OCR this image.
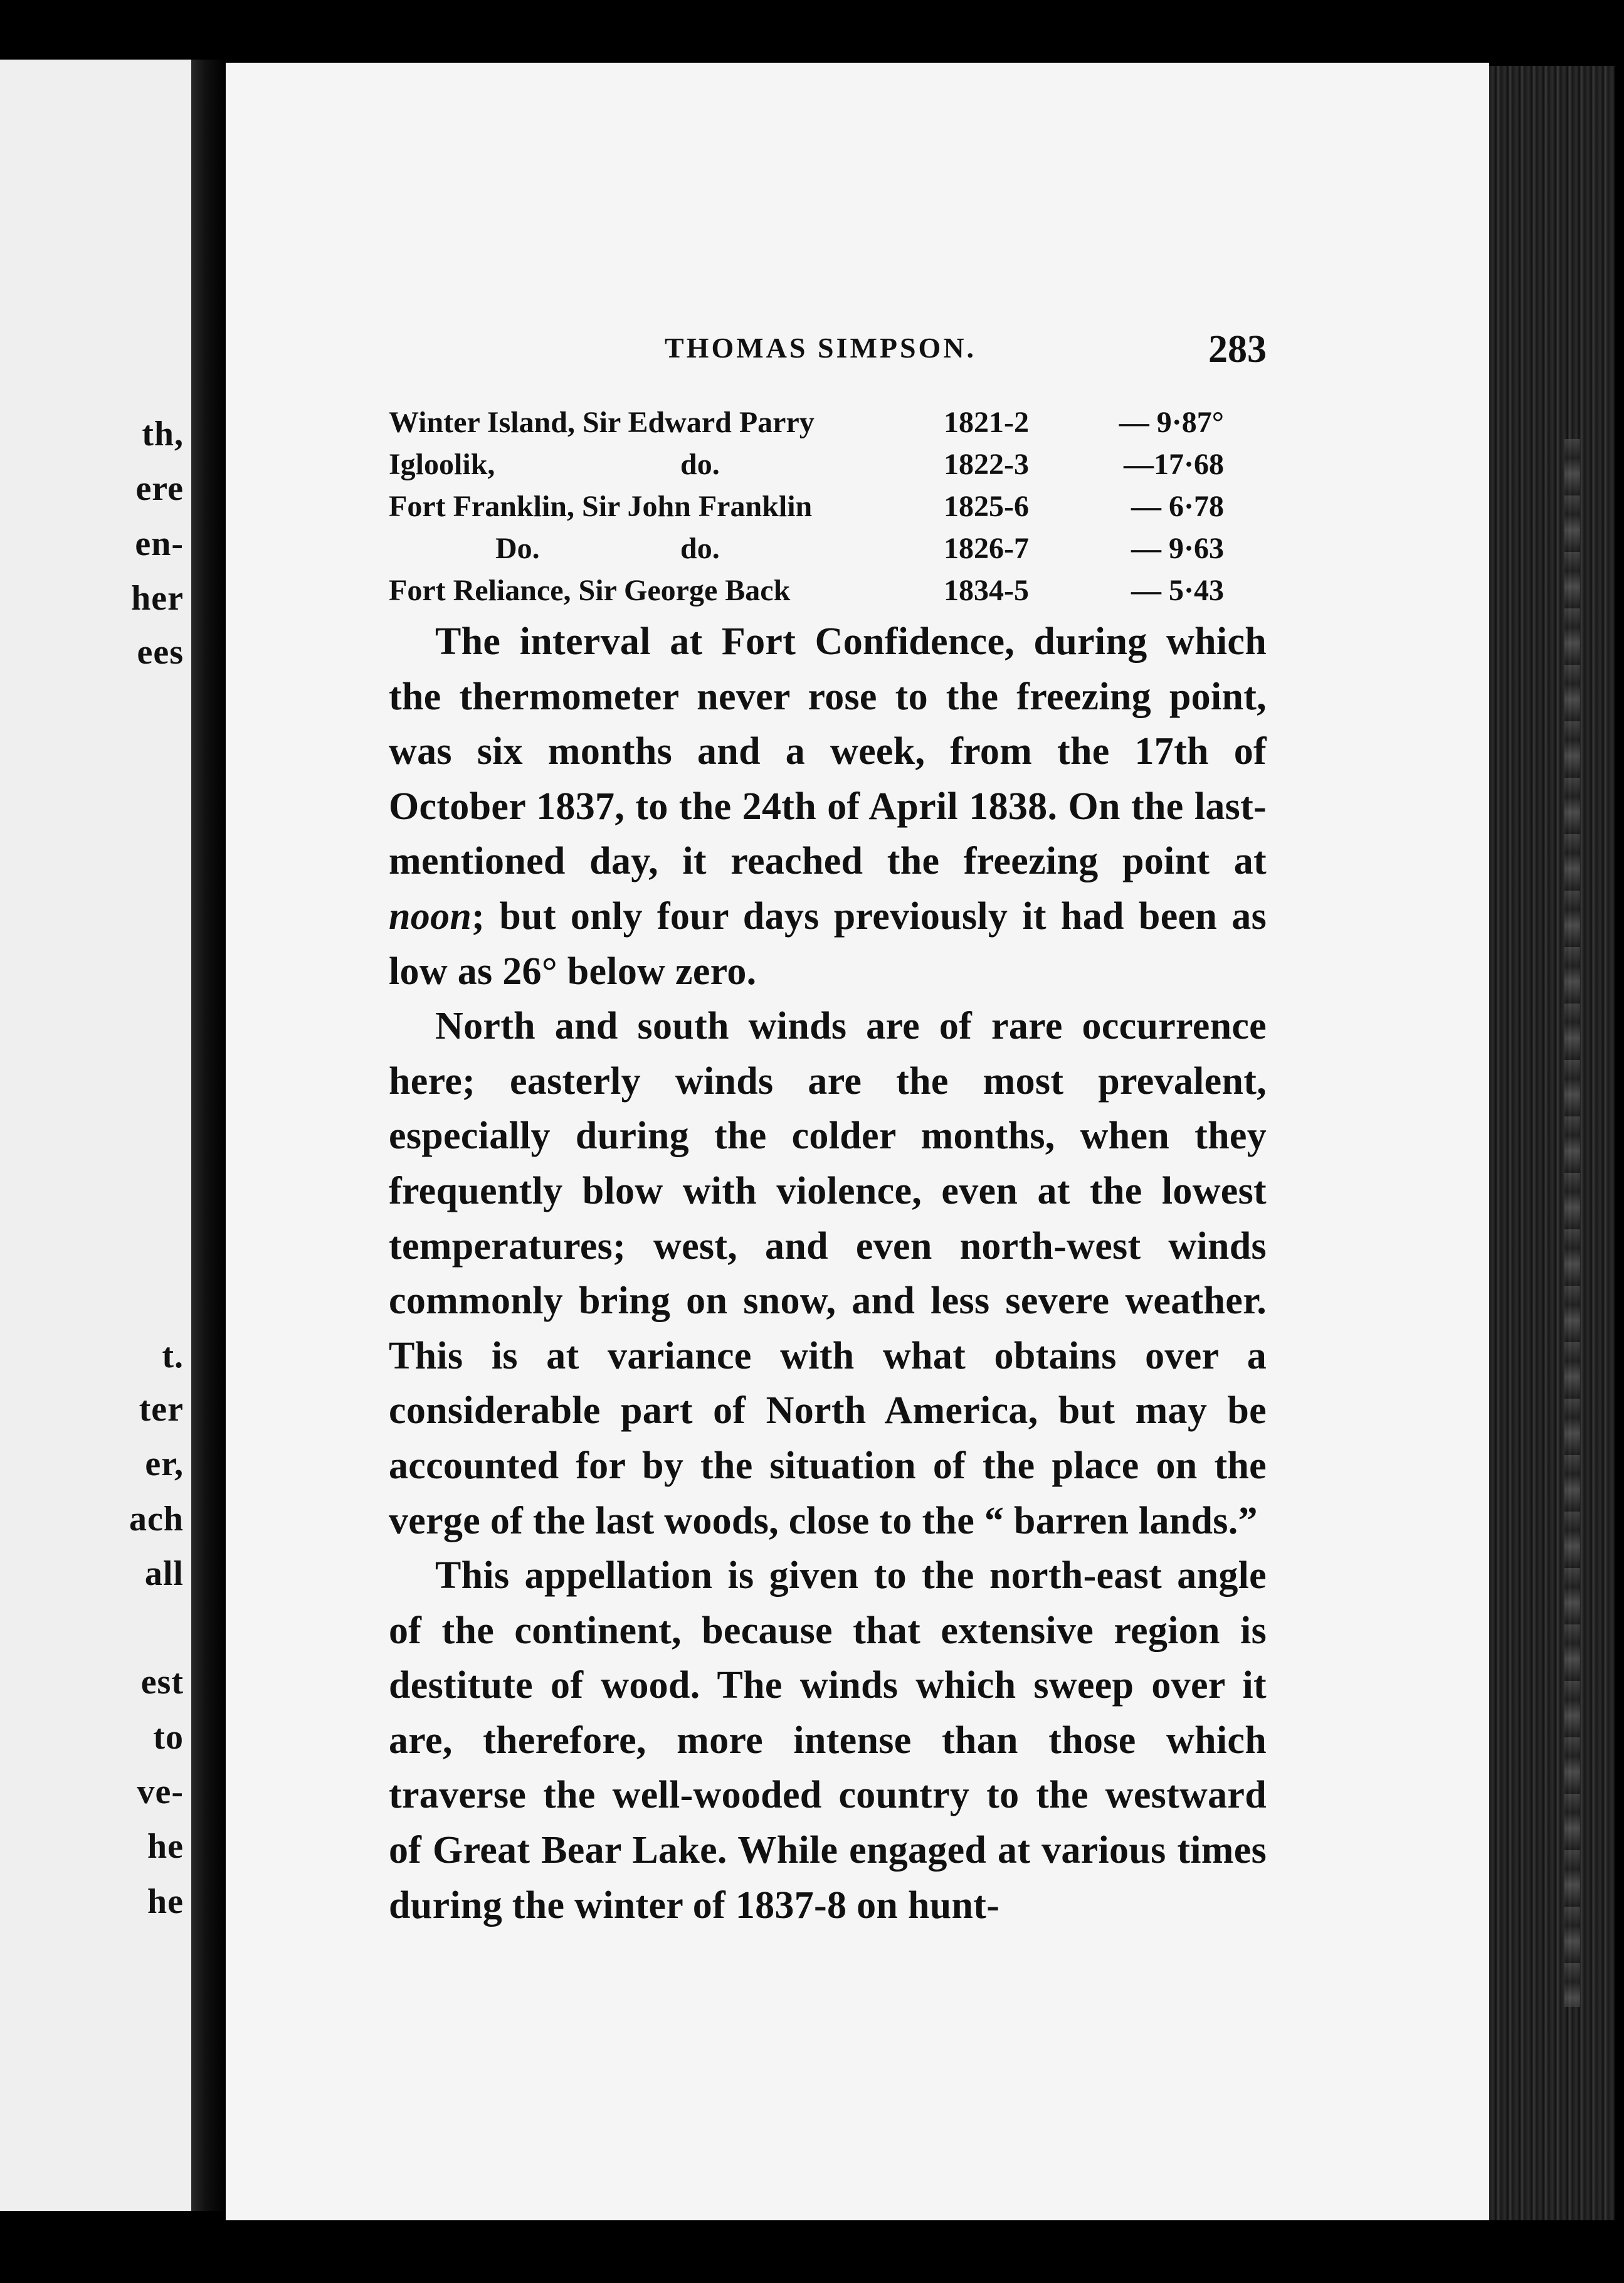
th,
ere
en-
her
ees
t.
ter
er,
ach
all
est
to
ve-
he
he
THOMAS SIMPSON.	283
Winter Island, Sir Edward Parry	1821-2	— 9·87°
Igloolik,	do.	1822-3	—17·68
Fort Franklin, Sir John Franklin	1825-6	— 6·78
Do.	do.	1826-7	— 9·63
Fort Reliance, Sir George Back	1834-5	— 5·43

The interval at Fort Confidence, during which the thermometer never rose to the freezing point, was six months and a week, from the 17th of October 1837, to the 24th of April 1838. On the last-mentioned day, it reached the freezing point at noon; but only four days previously it had been as low as 26° below zero.

North and south winds are of rare occurrence here; easterly winds are the most prevalent, especially during the colder months, when they frequently blow with violence, even at the lowest temperatures; west, and even north-west winds commonly bring on snow, and less severe weather. This is at variance with what obtains over a considerable part of North America, but may be accounted for by the situation of the place on the verge of the last woods, close to the “ barren lands.”

This appellation is given to the north-east angle of the continent, because that extensive region is destitute of wood. The winds which sweep over it are, therefore, more intense than those which traverse the well-wooded country to the westward of Great Bear Lake. While engaged at various times during the winter of 1837-8 on hunt-
